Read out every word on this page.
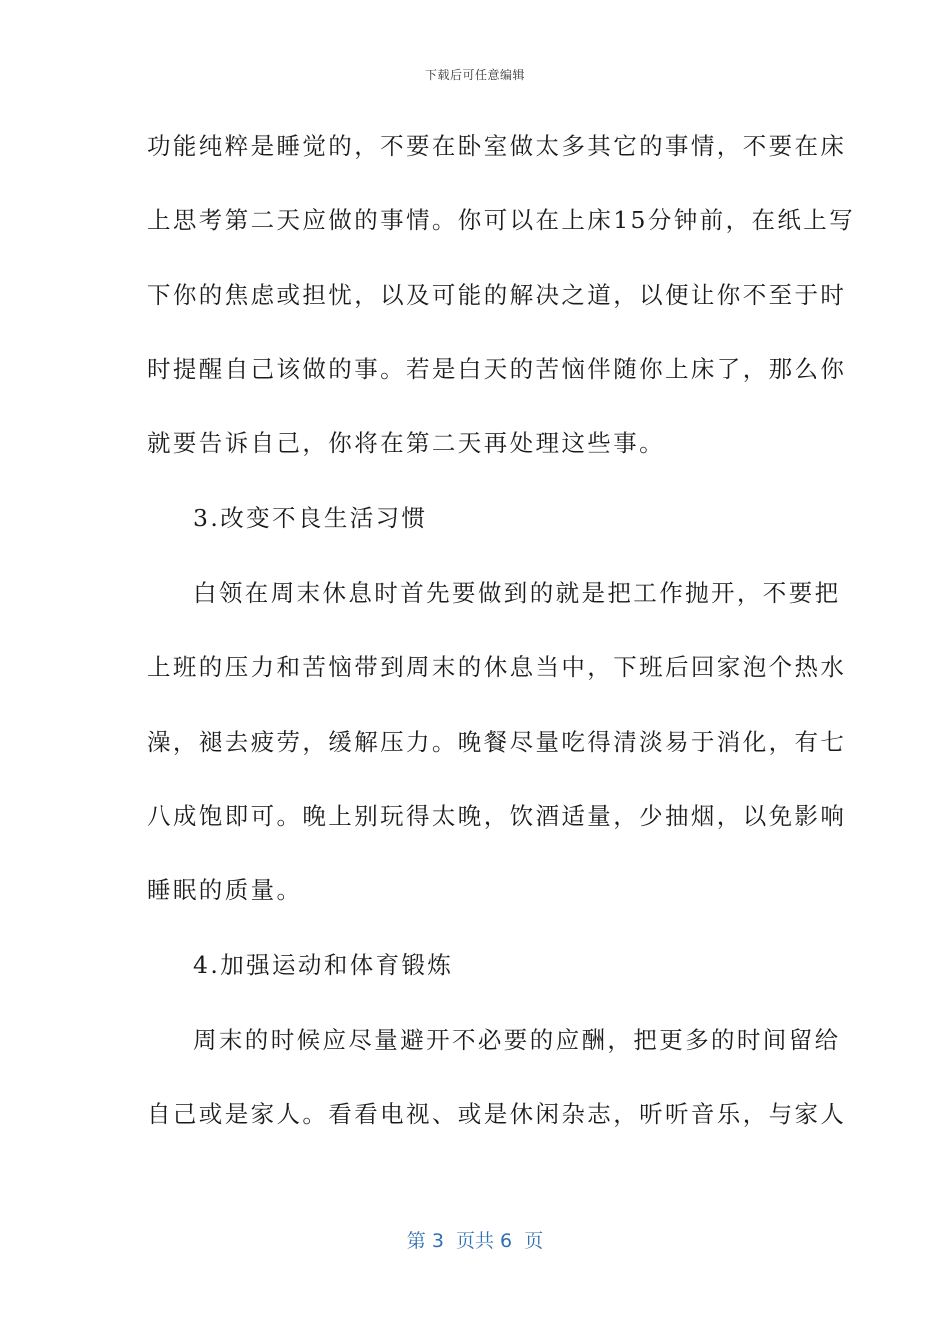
下载后可任意编辑
功能纯粹是睡觉的，不要在卧室做太多其它的事情，不要在床
上思考第二天应做的事情。你可以在上床15分钟前，在纸上写
下你的焦虑或担忧，以及可能的解决之道，以便让你不至于时
时提醒自己该做的事。若是白天的苦恼伴随你上床了，那么你
就要告诉自己，你将在第二天再处理这些事。
3.改变不良生活习惯
白领在周末休息时首先要做到的就是把工作抛开，不要把
上班的压力和苦恼带到周末的休息当中，下班后回家泡个热水
澡，褪去疲劳，缓解压力。晚餐尽量吃得清淡易于消化，有七
八成饱即可。晚上别玩得太晚，饮酒适量，少抽烟，以免影响
睡眠的质量。
4.加强运动和体育锻炼
周末的时候应尽量避开不必要的应酬，把更多的时间留给
自己或是家人。看看电视、或是休闲杂志，听听音乐，与家人
第 3  页共 6  页
